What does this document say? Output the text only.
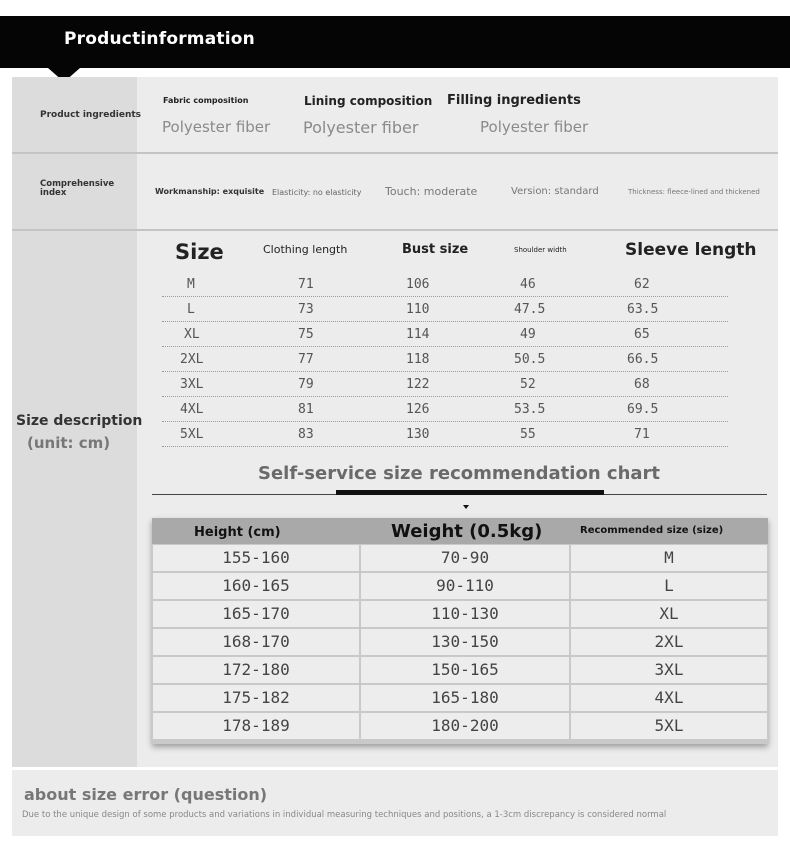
Productinformation
Product ingredients
Fabric composition
Polyester fiber
Lining composition
Polyester fiber
Filling ingredients
Polyester fiber
Comprehensive index	Workmanship: exquisite Elasticity: no elasticity Touch: moderate	Version: standard	Thickness: fleece-lined and thickened
Size description
(unit: cm)
Size	Clothing length	Bust size	Shoulder width	Sleeve length
M	71	106	46	62
L	73	110	47.5	63.5
XL	75	114	49	65
2XL	77	118	50.5	66.5
3XL	79	122	52	68
4XL	81	126	53.5	69.5
5XL	83	130	55	71
Self-service size recommendation chart
Height (cm)	Weight (0.5kg)	Recommended size (size)
155-160	70-90	M
160-165	90-110	L
165-170	110-130	XL
168-170	130-150	2XL
172-180	150-165	3XL
175-182	165-180	4XL
178-189	180-200	5XL
about size error (question)
Due to the unique design of some products and variations in individual measuring techniques and positions, a 1-3cm discrepancy is considered normal
